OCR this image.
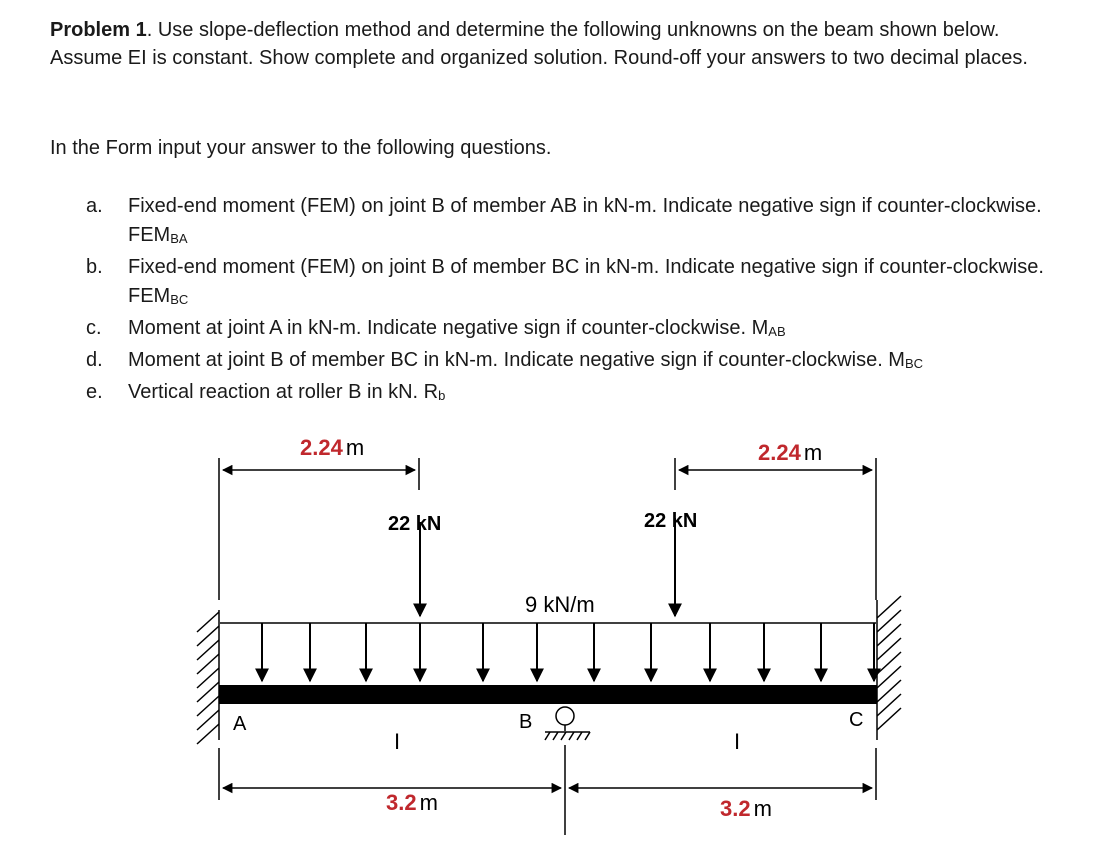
Problem 1. Use slope-deflection method and determine the following unknowns on the beam shown below. Assume EI is constant. Show complete and organized solution. Round-off your answers to two decimal places.
In the Form input your answer to the following questions.
a. Fixed-end moment (FEM) on joint B of member AB in kN-m. Indicate negative sign if counter-clockwise. $FEM_{BA}$
b. Fixed-end moment (FEM) on joint B of member BC in kN-m. Indicate negative sign if counter-clockwise. $FEM_{BC}$
c. Moment at joint A in kN-m. Indicate negative sign if counter-clockwise. $M_{AB}$
d. Moment at joint B of member BC in kN-m. Indicate negative sign if counter-clockwise. $M_{BC}$
e. Vertical reaction at roller B in kN. $R_b$
2.24 m	2.24 m
22 kN	22 kN
9 kN/m
A	B	C
I	I
3.2 m	3.2 m
